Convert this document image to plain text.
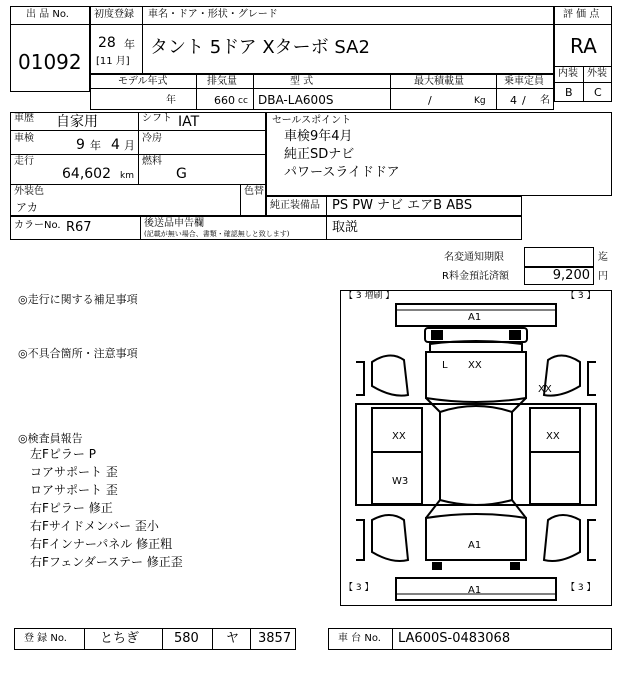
出 品 No.
01092
初度登録
28 年
[11 月]
車名・ドア・形状・グレード
タント 5ドア Xターボ SA2
評 価 点
RA
内装 外装
B C
モデル年式
年
排気量
660 cc
型 式
DBA-LA600S
最大積載量
/	Kg
乗車定員
4 / 名
車歴 自家用	シフト IAT
車検	9 年 4 月
冷房
走行
64,602 km
燃料
G
外装色
アカ
色替
セールスポイント
車検9年4月
純正SDナビ
パワースライドドア
純正装備品 PS PW ナビ エアB ABS
カラーNo. R67	後送品申告欄
(記載が無い場合、書類・確認無しと致します)	取説
名変通知期限	迄
R料金預託済額	9,200 円
◎走行に関する補足事項
◎不具合箇所・注意事項
◎検査員報告
左Fピラー P
コアサポート 歪
ロアサポート 歪
右Fピラー 修正
右Fサイドメンバー 歪小
右Fインナーパネル 修正粗
右Fフェンダーステー 修正歪
【 3 増刷 】	【 3 】
【 3 】	【 3 】
A1
L XX
XX
XX	XX
W3
A1
A1
登 録 No.	とちぎ	580 ヤ 3857	車 台 No. LA600S-0483068
